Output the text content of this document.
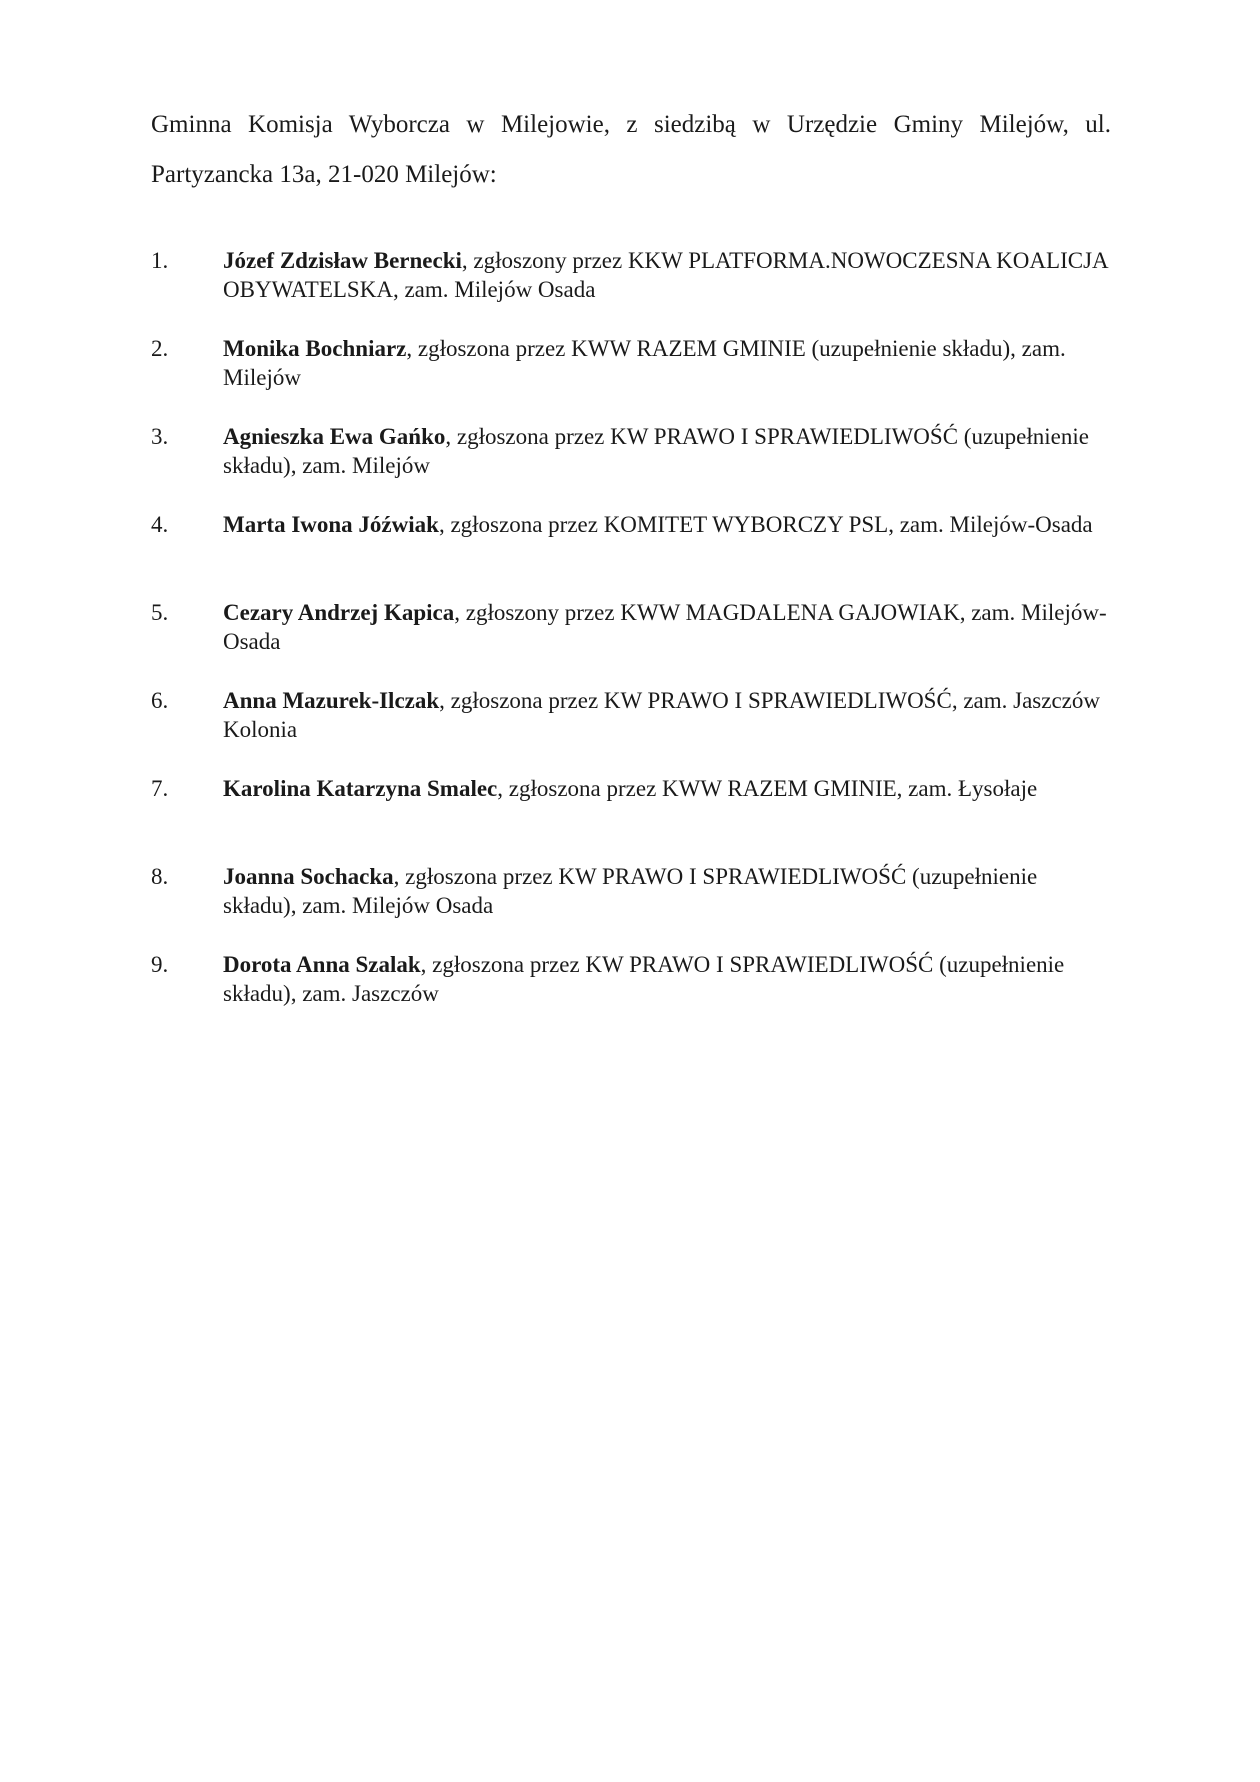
Gminna Komisja Wyborcza w Milejowie, z siedzibą w Urzędzie Gminy Milejów, ul. Partyzancka 13a, 21-020 Milejów:

1.	Józef Zdzisław Bernecki, zgłoszony przez KKW PLATFORMA.NOWOCZESNA KOALICJA OBYWATELSKA, zam. Milejów Osada
2.	Monika Bochniarz, zgłoszona przez KWW RAZEM GMINIE (uzupełnienie składu), zam. Milejów
3.	Agnieszka Ewa Gańko, zgłoszona przez KW PRAWO I SPRAWIEDLIWOŚĆ (uzupełnienie składu), zam. Milejów
4.	Marta Iwona Jóźwiak, zgłoszona przez KOMITET WYBORCZY PSL, zam. Milejów-Osada
5.	Cezary Andrzej Kapica, zgłoszony przez KWW MAGDALENA GAJOWIAK, zam. Milejów-Osada
6.	Anna Mazurek-Ilczak, zgłoszona przez KW PRAWO I SPRAWIEDLIWOŚĆ, zam. Jaszczów Kolonia
7.	Karolina Katarzyna Smalec, zgłoszona przez KWW RAZEM GMINIE, zam. Łysołaje
8.	Joanna Sochacka, zgłoszona przez KW PRAWO I SPRAWIEDLIWOŚĆ (uzupełnienie składu), zam. Milejów Osada
9.	Dorota Anna Szalak, zgłoszona przez KW PRAWO I SPRAWIEDLIWOŚĆ (uzupełnienie składu), zam. Jaszczów
